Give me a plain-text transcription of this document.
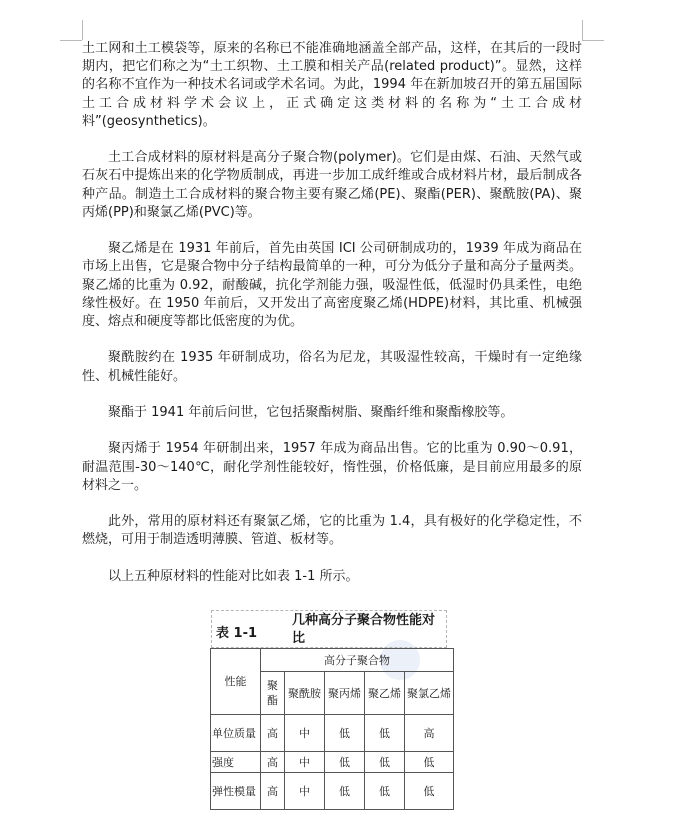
土工网和土工模袋等，原来的名称已不能准确地涵盖全部产品，这样，在其后的一段时期内，把它们称之为“土工织物、土工膜和相关产品(related product)”。显然，这样的名称不宜作为一种技术名词或学术名词。为此，1994 年在新加坡召开的第五届国际土工合成材料学术会议上，正式确定这类材料的名称为“土工合成材料”(geosynthetics)。

土工合成材料的原材料是高分子聚合物(polymer)。它们是由煤、石油、天然气或石灰石中提炼出来的化学物质制成，再进一步加工成纤维或合成材料片材，最后制成各种产品。制造土工合成材料的聚合物主要有聚乙烯(PE)、聚酯(PER)、聚酰胺(PA)、聚丙烯(PP)和聚氯乙烯(PVC)等。

聚乙烯是在 1931 年前后，首先由英国 ICI 公司研制成功的，1939 年成为商品在市场上出售，它是聚合物中分子结构最简单的一种，可分为低分子量和高分子量两类。聚乙烯的比重为 0.92，耐酸碱，抗化学剂能力强，吸湿性低，低湿时仍具柔性，电绝缘性极好。在 1950 年前后，又开发出了高密度聚乙烯(HDPE)材料，其比重、机械强度、熔点和硬度等都比低密度的为优。

聚酰胺约在 1935 年研制成功，俗名为尼龙，其吸湿性较高，干燥时有一定绝缘性、机械性能好。

聚酯于 1941 年前后问世，它包括聚酯树脂、聚酯纤维和聚酯橡胶等。

聚丙烯于 1954 年研制出来，1957 年成为商品出售。它的比重为 0.90～0.91，耐温范围-30～140℃，耐化学剂性能较好，惰性强，价格低廉，是目前应用最多的原材料之一。

此外，常用的原材料还有聚氯乙烯，它的比重为 1.4，具有极好的化学稳定性，不燃烧，可用于制造透明薄膜、管道、板材等。

以上五种原材料的性能对比如表 1-1 所示。

表 1-1
几种高分子聚合物性能对比
性能	高分子聚合物				
	聚酯	聚酰胺	聚丙烯	聚乙烯	聚氯乙烯
单位质量	高	中	低	低	高
强度	高	中	低	低	低
弹性模量	高	中	低	低	低
